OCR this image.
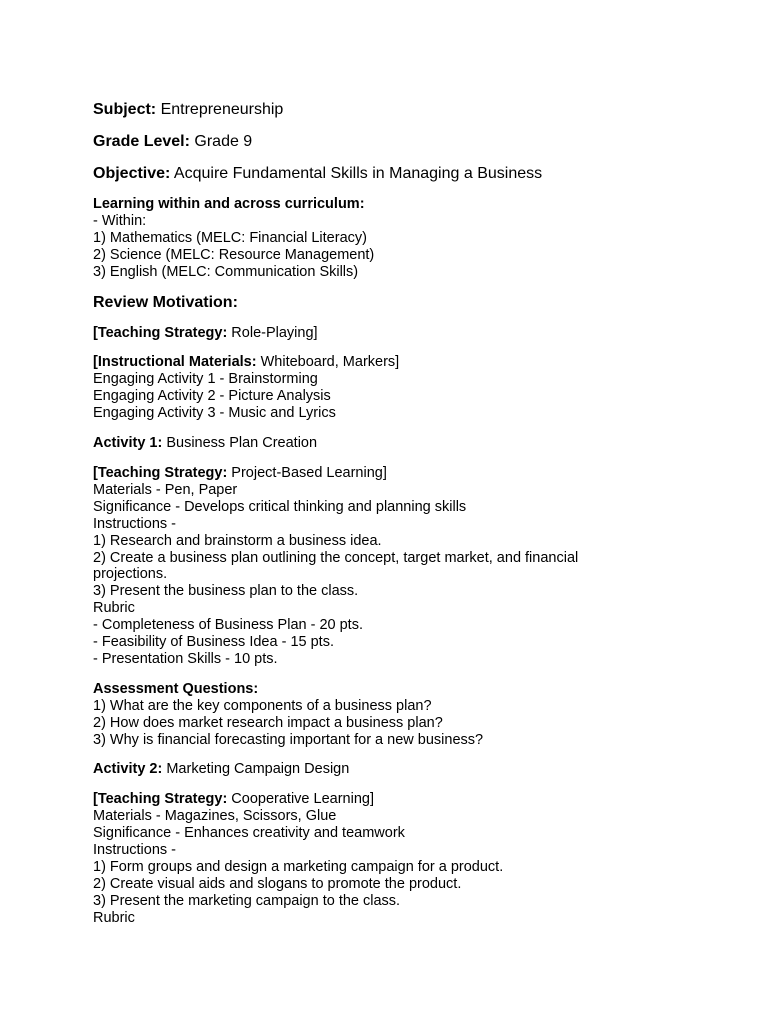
Subject: Entrepreneurship
Grade Level: Grade 9
Objective: Acquire Fundamental Skills in Managing a Business
Learning within and across curriculum:
- Within:
1) Mathematics (MELC: Financial Literacy)
2) Science (MELC: Resource Management)
3) English (MELC: Communication Skills)
Review Motivation:
[Teaching Strategy: Role-Playing]
[Instructional Materials: Whiteboard, Markers]
Engaging Activity 1 - Brainstorming
Engaging Activity 2 - Picture Analysis
Engaging Activity 3 - Music and Lyrics
Activity 1: Business Plan Creation
[Teaching Strategy: Project-Based Learning]
Materials - Pen, Paper
Significance - Develops critical thinking and planning skills
Instructions -
1) Research and brainstorm a business idea.
2) Create a business plan outlining the concept, target market, and financial projections.
3) Present the business plan to the class.
Rubric
- Completeness of Business Plan - 20 pts.
- Feasibility of Business Idea - 15 pts.
- Presentation Skills - 10 pts.
Assessment Questions:
1) What are the key components of a business plan?
2) How does market research impact a business plan?
3) Why is financial forecasting important for a new business?
Activity 2: Marketing Campaign Design
[Teaching Strategy: Cooperative Learning]
Materials - Magazines, Scissors, Glue
Significance - Enhances creativity and teamwork
Instructions -
1) Form groups and design a marketing campaign for a product.
2) Create visual aids and slogans to promote the product.
3) Present the marketing campaign to the class.
Rubric
